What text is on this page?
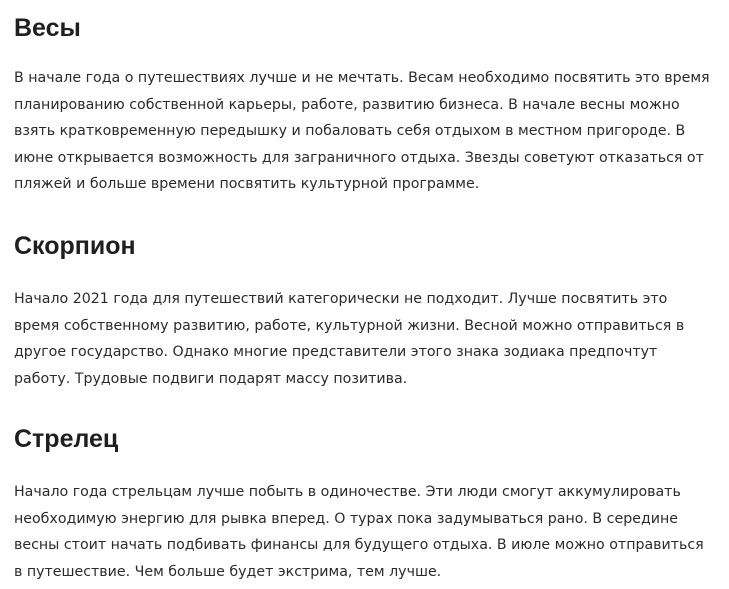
Весы

В начале года о путешествиях лучше и не мечтать. Весам необходимо посвятить это время
планированию собственной карьеры, работе, развитию бизнеса. В начале весны можно
взять кратковременную передышку и побаловать себя отдыхом в местном пригороде. В
июне открывается возможность для заграничного отдыха. Звезды советуют отказаться от
пляжей и больше времени посвятить культурной программе.

Скорпион

Начало 2021 года для путешествий категорически не подходит. Лучше посвятить это
время собственному развитию, работе, культурной жизни. Весной можно отправиться в
другое государство. Однако многие представители этого знака зодиака предпочтут
работу. Трудовые подвиги подарят массу позитива.

Стрелец

Начало года стрельцам лучше побыть в одиночестве. Эти люди смогут аккумулировать
необходимую энергию для рывка вперед. О турах пока задумываться рано. В середине
весны стоит начать подбивать финансы для будущего отдыха. В июле можно отправиться
в путешествие. Чем больше будет экстрима, тем лучше.
